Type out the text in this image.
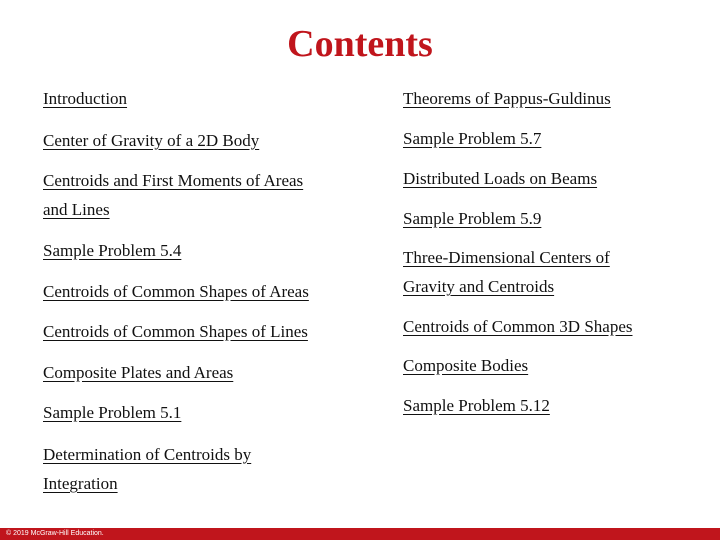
Contents
Introduction
Center of Gravity of a 2D Body
Centroids and First Moments of Areas
and Lines
Sample Problem 5.4
Centroids of Common Shapes of Areas
Centroids of Common Shapes of Lines
Composite Plates and Areas
Sample Problem 5.1
Determination of Centroids by
Integration
Theorems of Pappus-Guldinus
Sample Problem 5.7
Distributed Loads on Beams
Sample Problem 5.9
Three-Dimensional Centers of
Gravity and Centroids
Centroids of Common 3D Shapes
Composite Bodies
Sample Problem 5.12
© 2019 McGraw-Hill Education.
